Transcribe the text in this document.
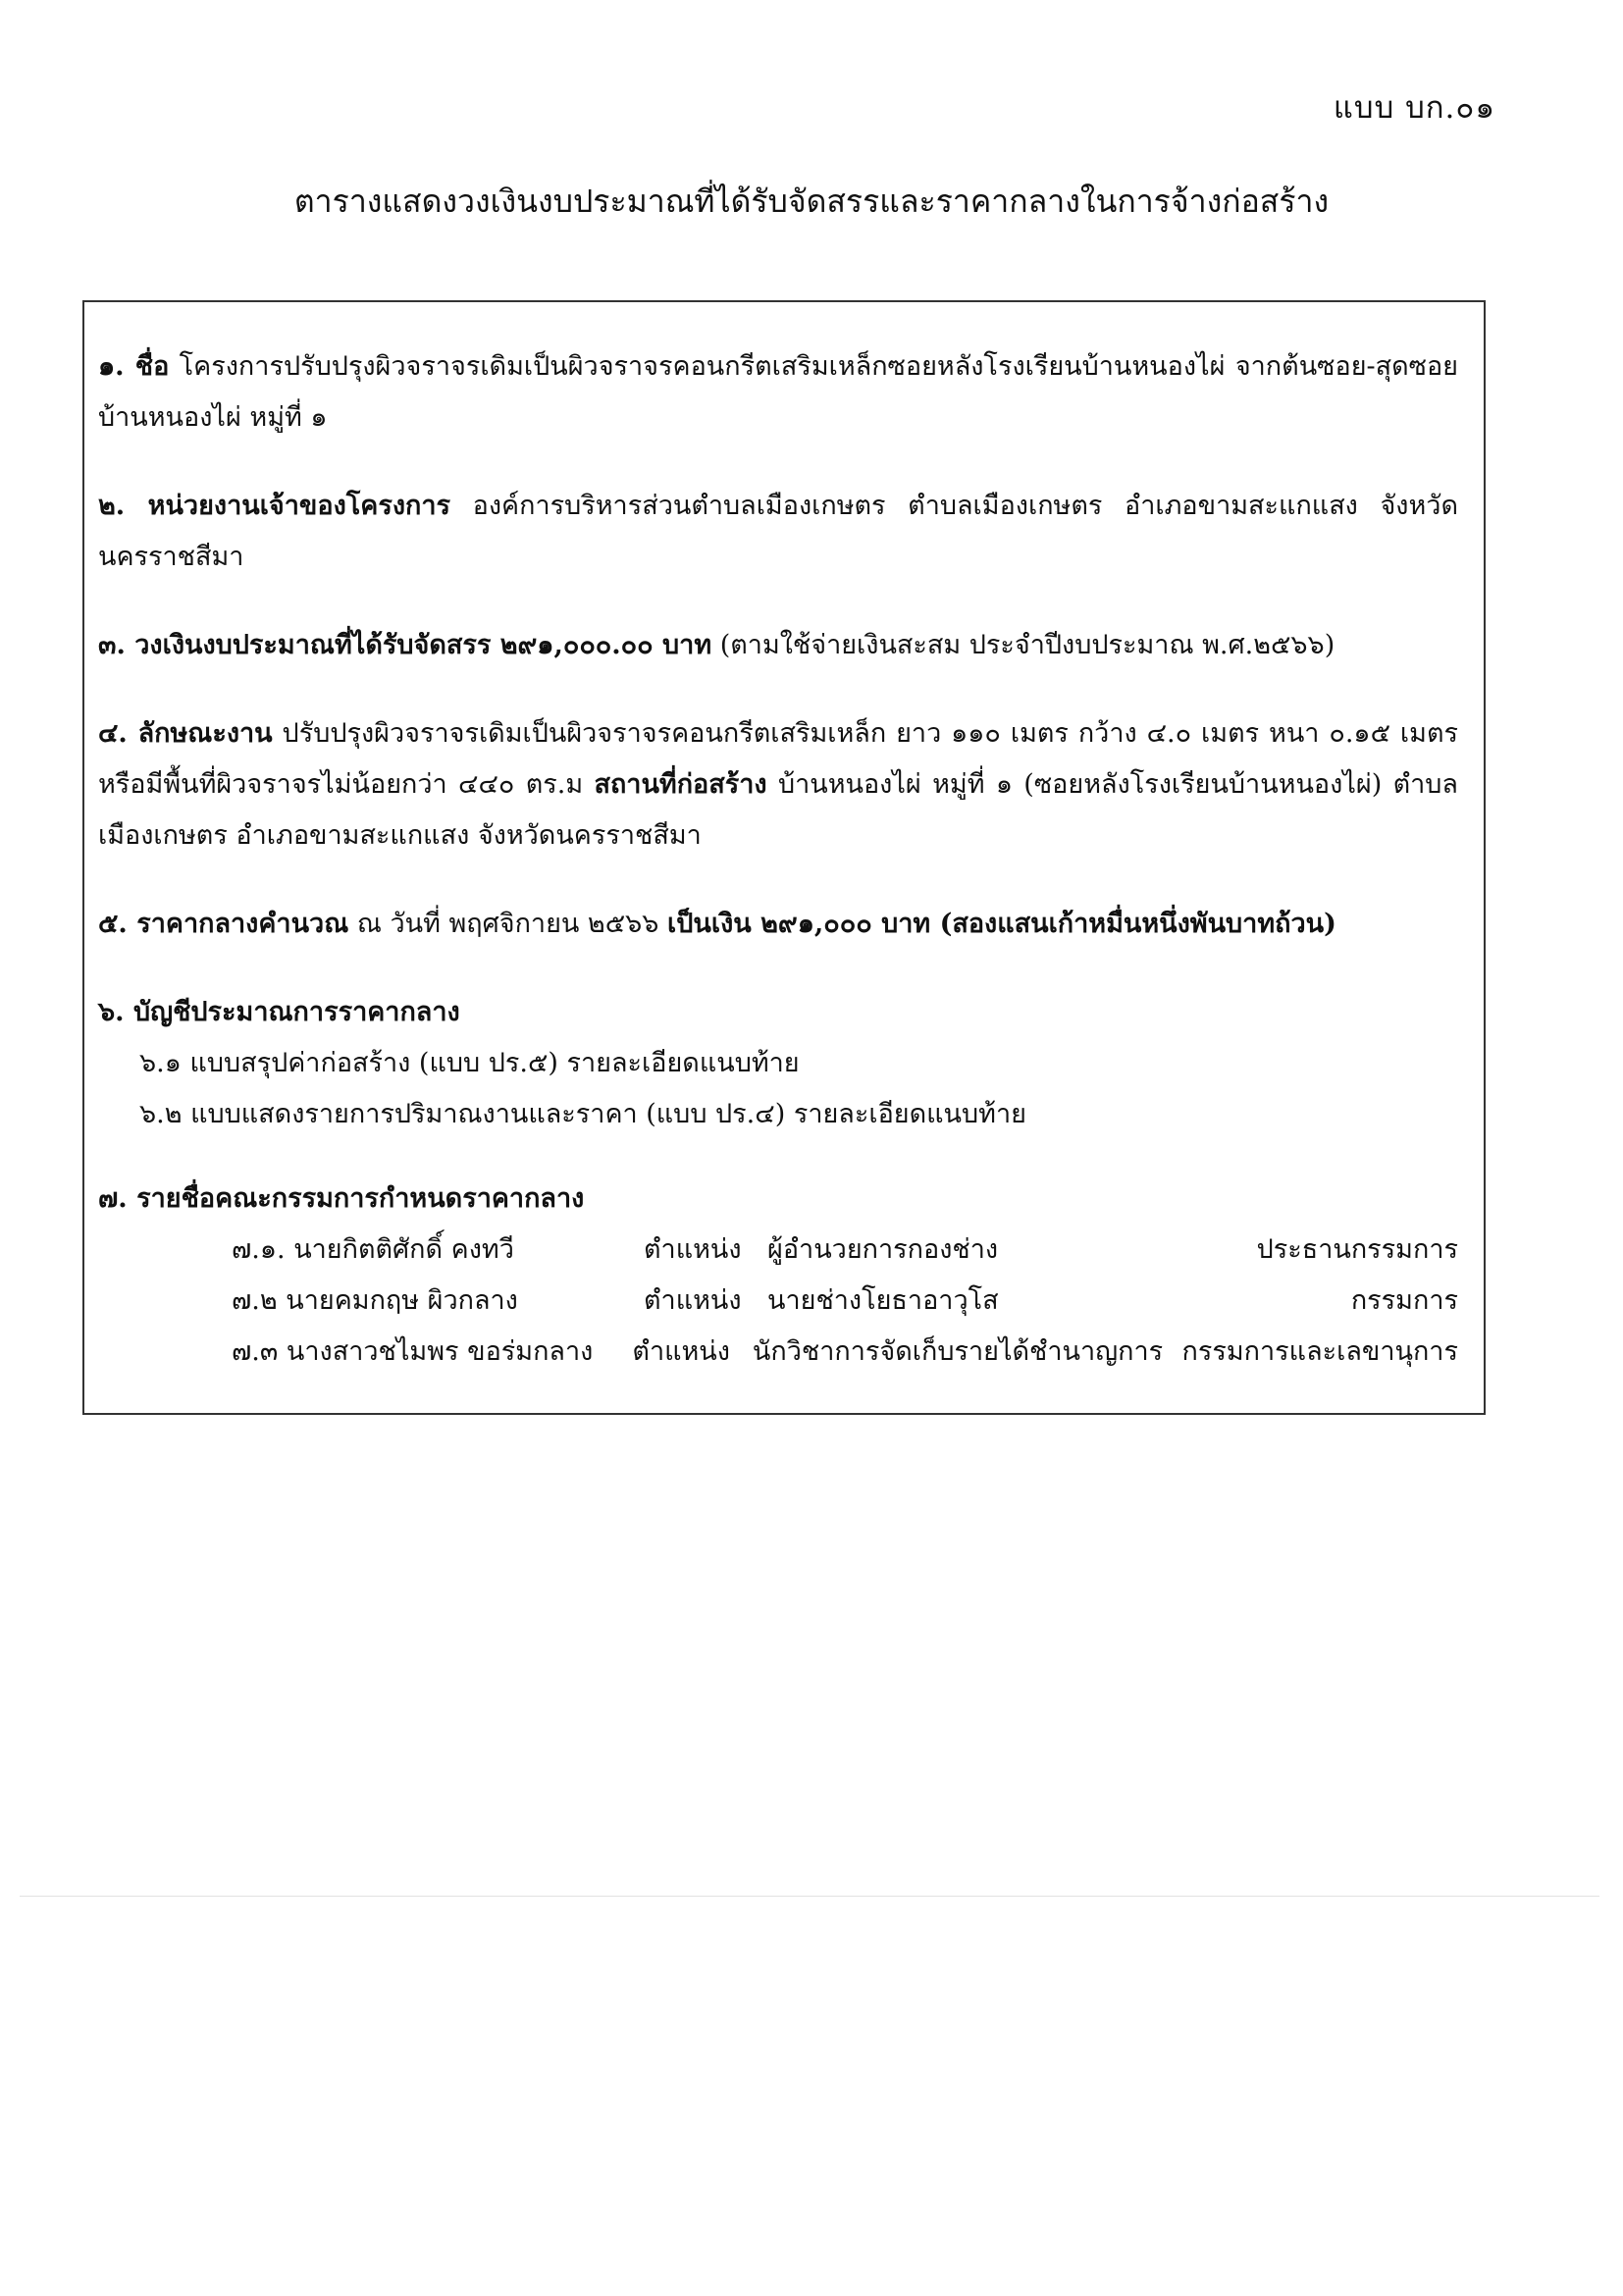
แบบ บก.๐๑
ตารางแสดงวงเงินงบประมาณที่ได้รับจัดสรรและราคากลางในการจ้างก่อสร้าง

๑. ชื่อ โครงการปรับปรุงผิวจราจรเดิมเป็นผิวจราจรคอนกรีตเสริมเหล็กซอยหลังโรงเรียนบ้านหนองไผ่ จากต้นซอย-สุดซอยบ้านหนองไผ่ หมู่ที่ ๑

๒. หน่วยงานเจ้าของโครงการ องค์การบริหารส่วนตำบลเมืองเกษตร ตำบลเมืองเกษตร อำเภอขามสะแกแสง จังหวัดนครราชสีมา

๓. วงเงินงบประมาณที่ได้รับจัดสรร ๒๙๑,๐๐๐.๐๐ บาท (ตามใช้จ่ายเงินสะสม ประจำปีงบประมาณ พ.ศ.๒๕๖๖)

๔. ลักษณะงาน ปรับปรุงผิวจราจรเดิมเป็นผิวจราจรคอนกรีตเสริมเหล็ก ยาว ๑๑๐ เมตร กว้าง ๔.๐ เมตร หนา ๐.๑๕ เมตร หรือมีพื้นที่ผิวจราจรไม่น้อยกว่า ๔๔๐ ตร.ม สถานที่ก่อสร้าง บ้านหนองไผ่ หมู่ที่ ๑ (ซอยหลังโรงเรียนบ้านหนองไผ่) ตำบลเมืองเกษตร อำเภอขามสะแกแสง จังหวัดนครราชสีมา

๕. ราคากลางคำนวณ ณ วันที่ พฤศจิกายน ๒๕๖๖ เป็นเงิน ๒๙๑,๐๐๐ บาท (สองแสนเก้าหมื่นหนึ่งพันบาทถ้วน)

๖. บัญชีประมาณการราคากลาง

๖.๑ แบบสรุปค่าก่อสร้าง (แบบ ปร.๕) รายละเอียดแนบท้าย

๖.๒ แบบแสดงรายการปริมาณงานและราคา (แบบ ปร.๔) รายละเอียดแนบท้าย

๗. รายชื่อคณะกรรมการกำหนดราคากลาง

๗.๑. นายกิตติศักดิ์ คงทวี	ตำแหน่ง ผู้อำนวยการกองช่าง	ประธานกรรมการ
๗.๒ นายคมกฤษ ผิวกลาง	ตำแหน่ง นายช่างโยธาอาวุโส	กรรมการ
๗.๓ นางสาวชไมพร ขอร่มกลาง	ตำแหน่ง นักวิชาการจัดเก็บรายได้ชำนาญการ กรรมการและเลขานุการ
